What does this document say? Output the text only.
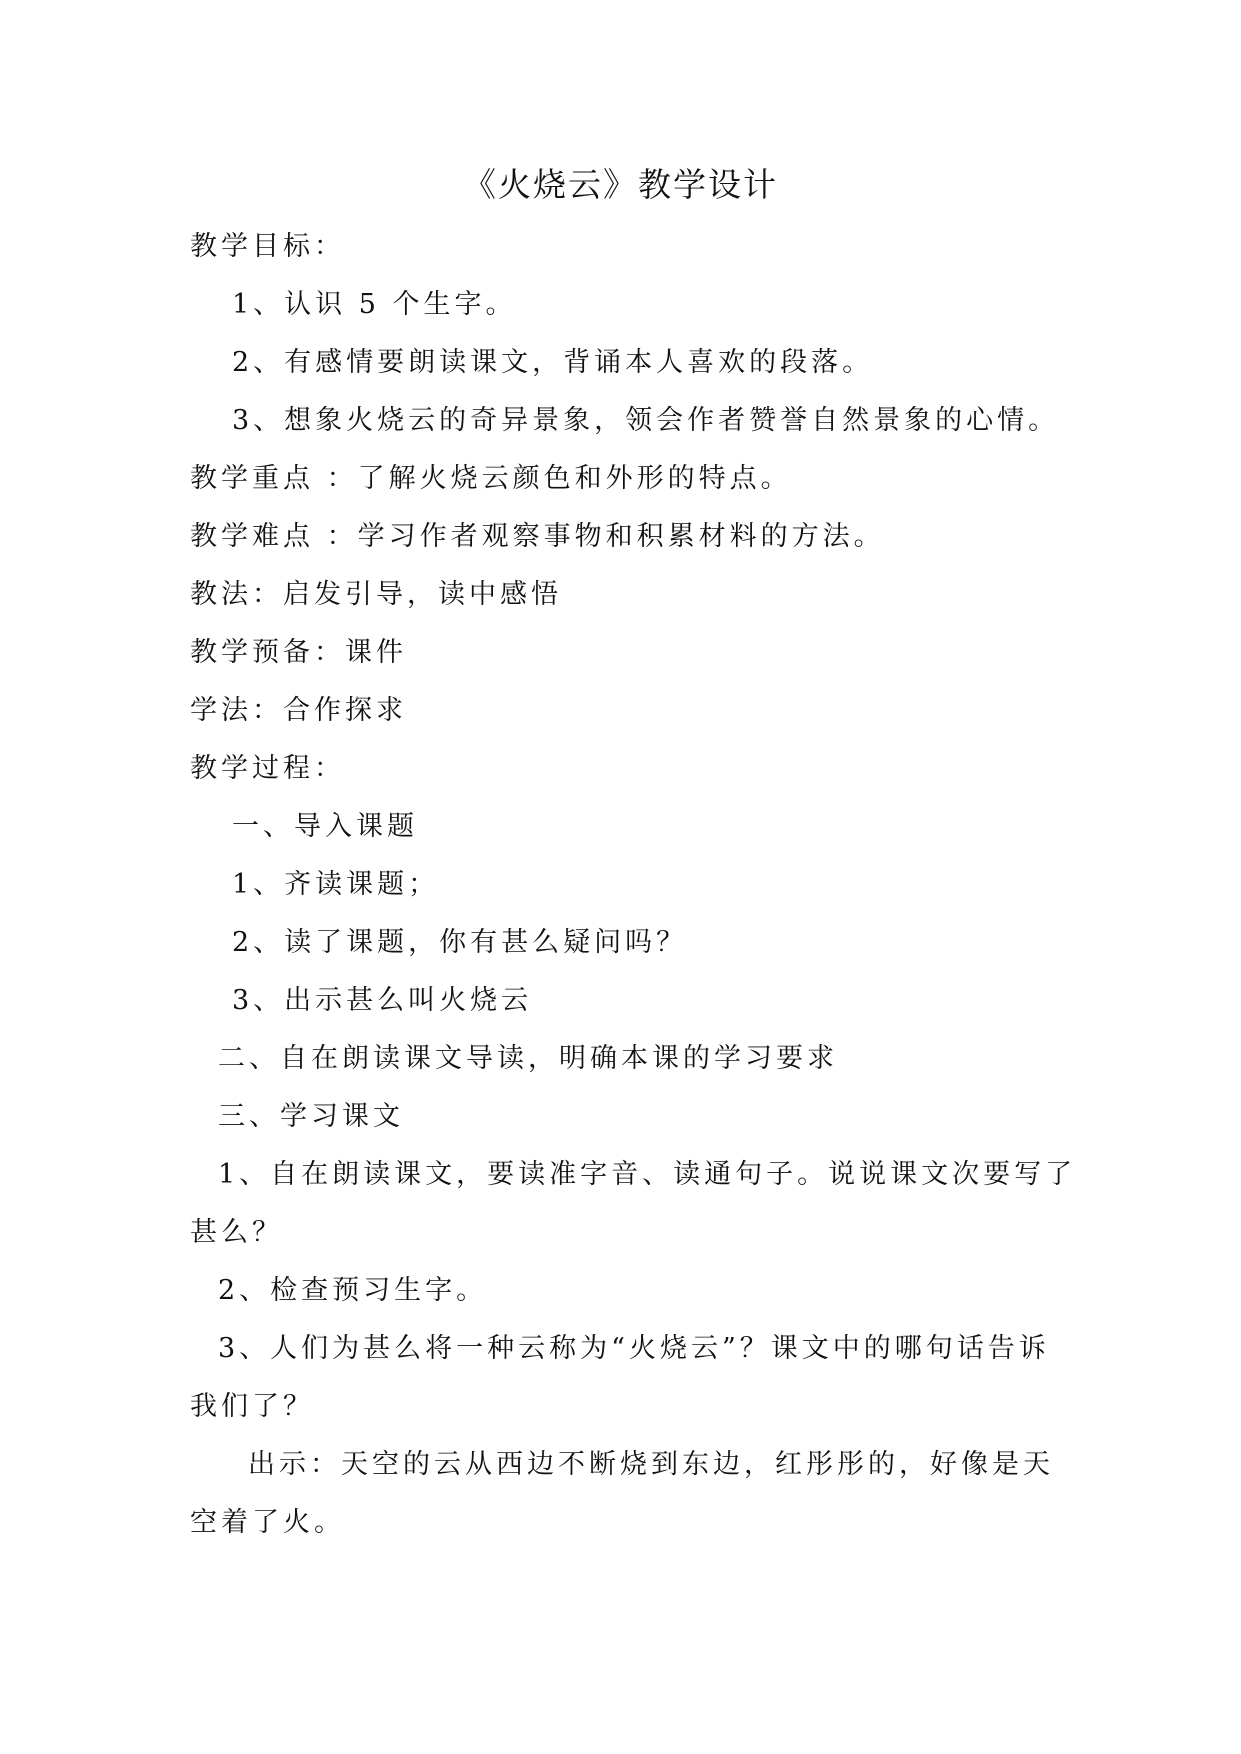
《火烧云》教学设计
教学目标：
1、认识 5 个生字。
2、有感情要朗读课文，背诵本人喜欢的段落。
3、想象火烧云的奇异景象，领会作者赞誉自然景象的心情。
教学重点 ：了解火烧云颜色和外形的特点。
教学难点 ：学习作者观察事物和积累材料的方法。
教法：启发引导，读中感悟
教学预备：课件
学法：合作探求
教学过程：
一、导入课题
1、齐读课题；
2、读了课题，你有甚么疑问吗？
3、出示甚么叫火烧云
二、自在朗读课文导读，明确本课的学习要求
三、学习课文
1、自在朗读课文，要读准字音、读通句子。说说课文次要写了
甚么？
2、检查预习生字。
3、人们为甚么将一种云称为“火烧云”？课文中的哪句话告诉
我们了？
出示：天空的云从西边不断烧到东边，红彤彤的，好像是天
空着了火。
